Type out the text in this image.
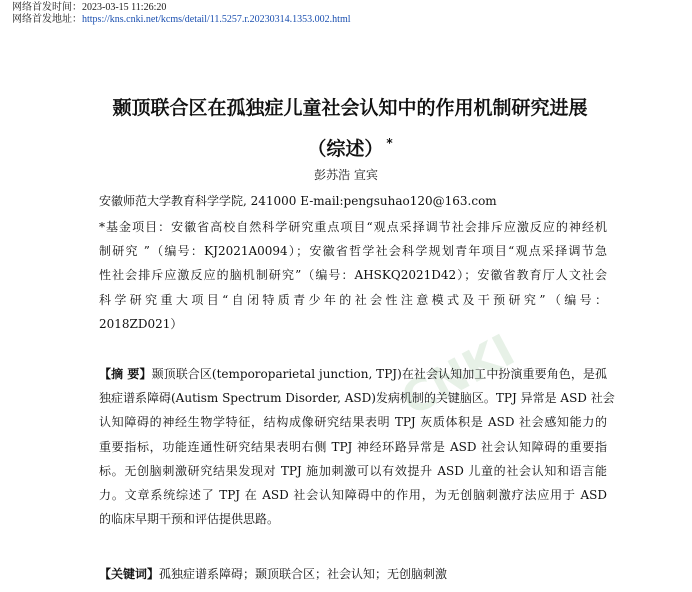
网络首发时间：2023-03-15 11:26:20
网络首发地址：https://kns.cnki.net/kcms/detail/11.5257.r.20230314.1353.002.html
CNKI
颞顶联合区在孤独症儿童社会认知中的作用机制研究进展
（综述） *
彭苏浩 宣宾
安徽师范大学教育科学学院, 241000 E-mail:pengsuhao120@163.com
*基金项目：安徽省高校自然科学研究重点项目“观点采择调节社会排斥应激反应的神经机
制研究 ”（编号：KJ2021A0094）；安徽省哲学社会科学规划青年项目“观点采择调节急
性社会排斥应激反应的脑机制研究”（编号：AHSKQ2021D42）；安徽省教育厅人文社会
科学研究重大项目“自闭特质青少年的社会性注意模式及干预研究”（编号：
2018ZD021）
【摘 要】颞顶联合区(temporoparietal junction, TPJ)在社会认知加工中扮演重要角色，是孤
独症谱系障碍(Autism Spectrum Disorder, ASD)发病机制的关键脑区。TPJ 异常是 ASD 社会
认知障碍的神经生物学特征，结构成像研究结果表明 TPJ 灰质体积是 ASD 社会感知能力的
重要指标，功能连通性研究结果表明右侧 TPJ 神经环路异常是 ASD 社会认知障碍的重要指
标。无创脑刺激研究结果发现对 TPJ 施加刺激可以有效提升 ASD 儿童的社会认知和语言能
力。文章系统综述了 TPJ 在 ASD 社会认知障碍中的作用，为无创脑刺激疗法应用于 ASD
的临床早期干预和评估提供思路。
【关键词】孤独症谱系障碍；颞顶联合区；社会认知；无创脑刺激
